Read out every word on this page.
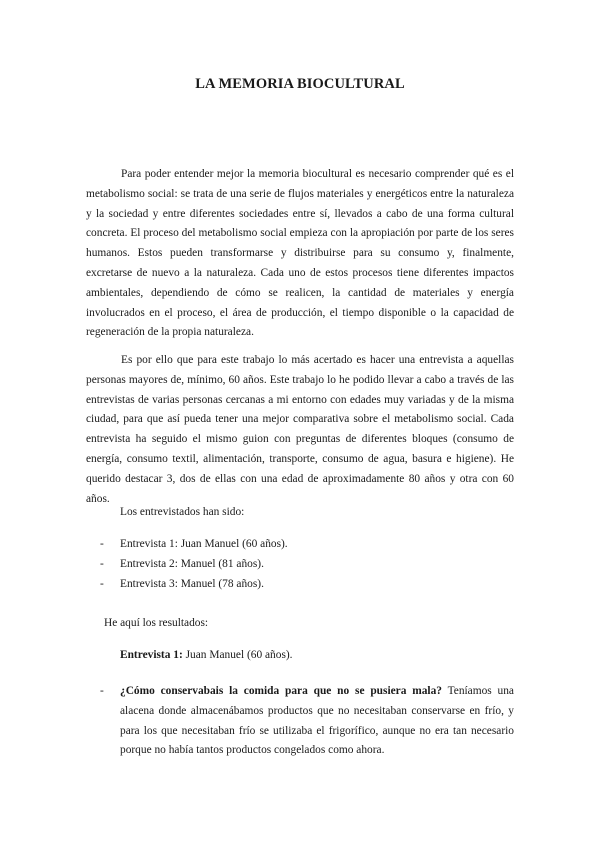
LA MEMORIA BIOCULTURAL
Para poder entender mejor la memoria biocultural es necesario comprender qué es el metabolismo social: se trata de una serie de flujos materiales y energéticos entre la naturaleza y la sociedad y entre diferentes sociedades entre sí, llevados a cabo de una forma cultural concreta. El proceso del metabolismo social empieza con la apropiación por parte de los seres humanos. Estos pueden transformarse y distribuirse para su consumo y, finalmente, excretarse de nuevo a la naturaleza. Cada uno de estos procesos tiene diferentes impactos ambientales, dependiendo de cómo se realicen, la cantidad de materiales y energía involucrados en el proceso, el área de producción, el tiempo disponible o la capacidad de regeneración de la propia naturaleza.
Es por ello que para este trabajo lo más acertado es hacer una entrevista a aquellas personas mayores de, mínimo, 60 años. Este trabajo lo he podido llevar a cabo a través de las entrevistas de varias personas cercanas a mi entorno con edades muy variadas y de la misma ciudad, para que así pueda tener una mejor comparativa sobre el metabolismo social. Cada entrevista ha seguido el mismo guion con preguntas de diferentes bloques (consumo de energía, consumo textil, alimentación, transporte, consumo de agua, basura e higiene). He querido destacar 3, dos de ellas con una edad de aproximadamente 80 años y otra con 60 años.
Los entrevistados han sido:
- Entrevista 1: Juan Manuel (60 años).
- Entrevista 2: Manuel (81 años).
- Entrevista 3: Manuel (78 años).
He aquí los resultados:
Entrevista 1: Juan Manuel (60 años).
- ¿Cómo conservabais la comida para que no se pusiera mala? Teníamos una alacena donde almacenábamos productos que no necesitaban conservarse en frío, y para los que necesitaban frío se utilizaba el frigorífico, aunque no era tan necesario porque no había tantos productos congelados como ahora.
